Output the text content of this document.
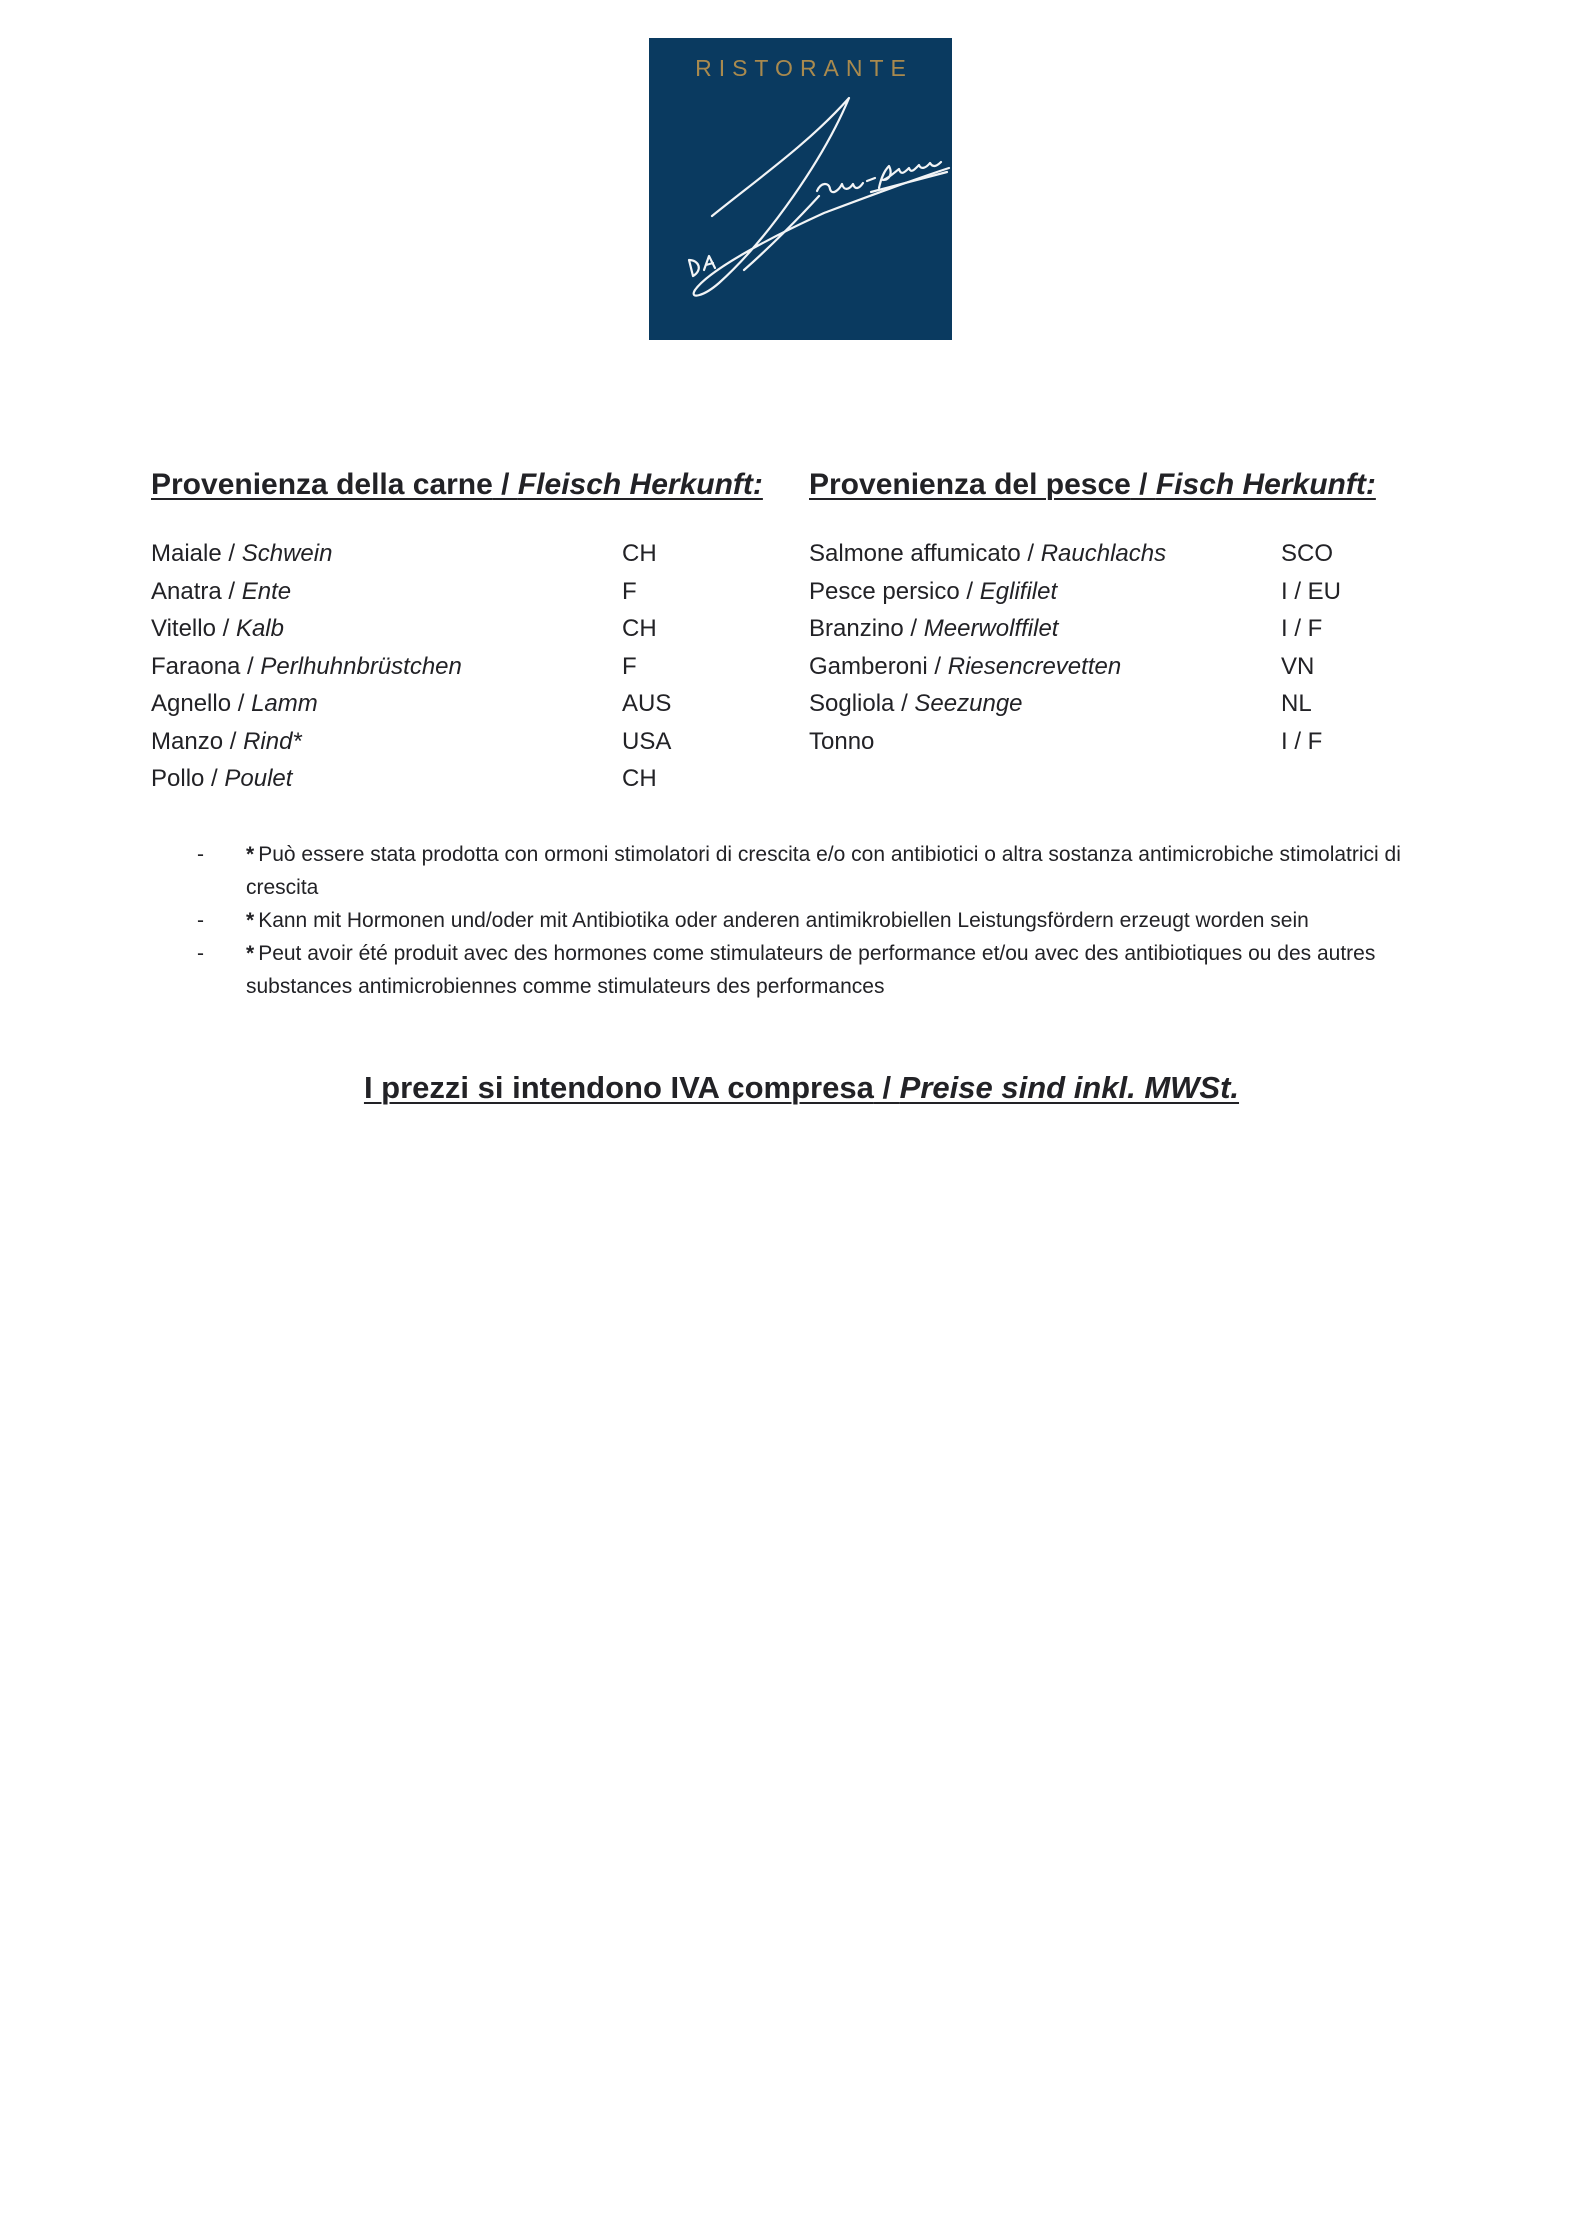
RISTORANTE
Provenienza della carne / Fleisch Herkunft: Provenienza del pesce / Fisch Herkunft:
Maiale / Schwein	CH
Anatra / Ente	F
Vitello / Kalb	CH
Faraona / Perlhuhnbrüstchen	F
Agnello / Lamm	AUS
Manzo / Rind*	USA
Pollo / Poulet	CH
Salmone affumicato / Rauchlachs	SCO
Pesce persico / Eglifilet	I / EU
Branzino / Meerwolffilet	I / F
Gamberoni / Riesencrevetten	VN
Sogliola / Seezunge	NL
Tonno	I / F
- * Può essere stata prodotta con ormoni stimolatori di crescita e/o con antibiotici o altra sostanza antimicrobiche stimolatrici di crescita
- * Kann mit Hormonen und/oder mit Antibiotika oder anderen antimikrobiellen Leistungsfördern erzeugt worden sein
- * Peut avoir été produit avec des hormones come stimulateurs de performance et/ou avec des antibiotiques ou des autres substances antimicrobiennes comme stimulateurs des performances
I prezzi si intendono IVA compresa / Preise sind inkl. MWSt.
